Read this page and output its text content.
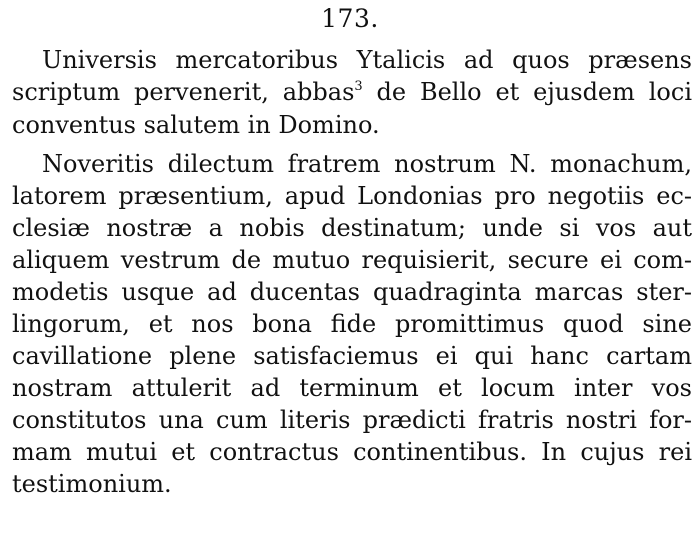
173.
Universis mercatoribus Ytalicis ad quos præsens
scriptum pervenerit, abbas$^3$ de Bello et ejusdem loci
conventus salutem in Domino.
Noveritis dilectum fratrem nostrum N. monachum,
latorem præsentium, apud Londonias pro negotiis ec-
clesiæ nostræ a nobis destinatum; unde si vos aut
aliquem vestrum de mutuo requisierit, secure ei com-
modetis usque ad ducentas quadraginta marcas ster-
lingorum, et nos bona fide promittimus quod sine
cavillatione plene satisfaciemus ei qui hanc cartam
nostram attulerit ad terminum et locum inter vos
constitutos una cum literis prædicti fratris nostri for-
mam mutui et contractus continentibus. In cujus rei
testimonium.
